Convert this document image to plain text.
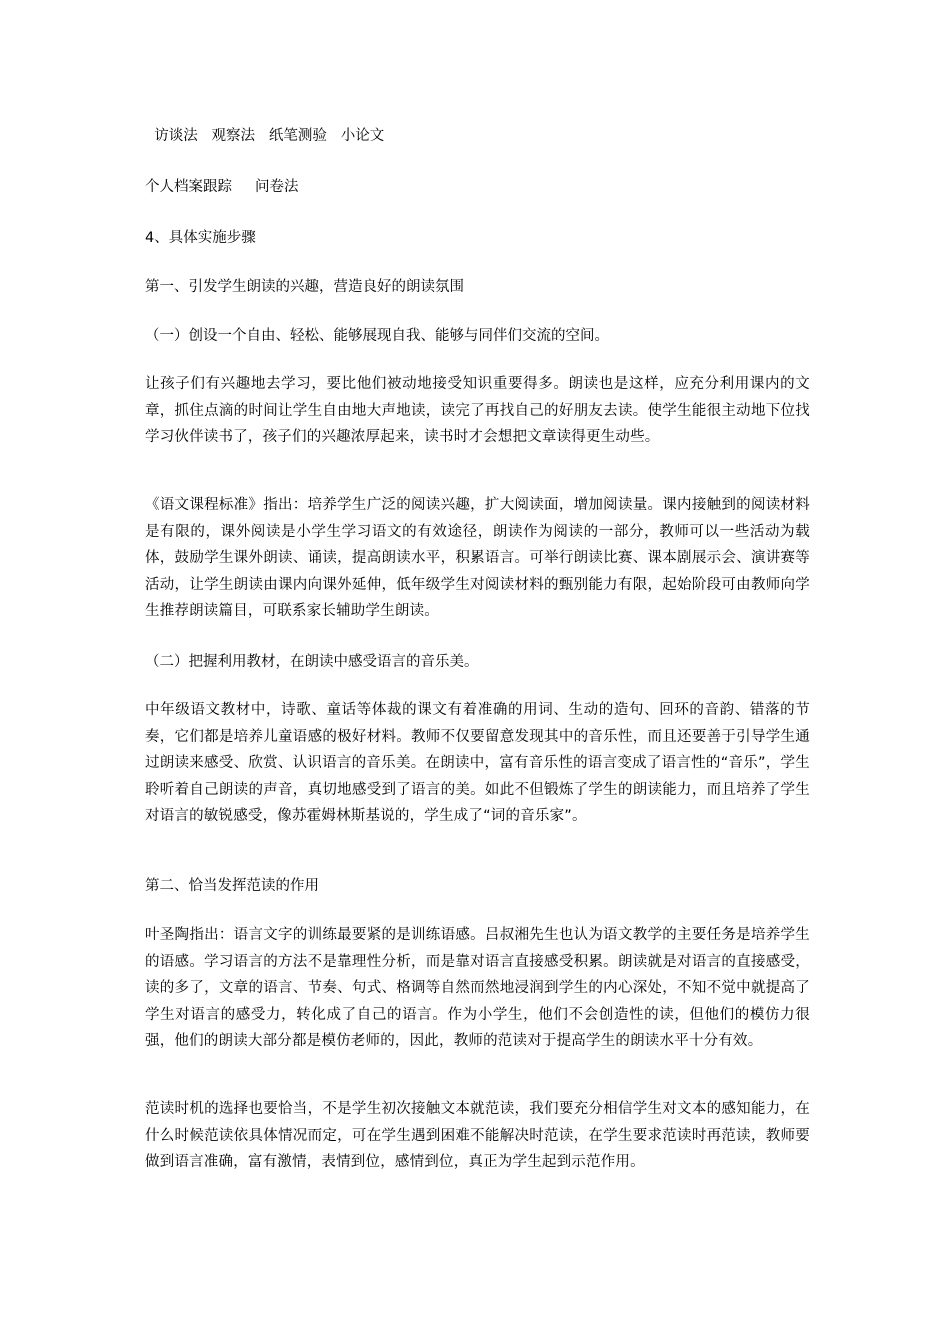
访谈法   观察法   纸笔测验   小论文
个人档案跟踪     问卷法
4、具体实施步骤
第一、引发学生朗读的兴趣，营造良好的朗读氛围
（一）创设一个自由、轻松、能够展现自我、能够与同伴们交流的空间。
让孩子们有兴趣地去学习，要比他们被动地接受知识重要得多。朗读也是这样，应充分利用课内的文章，抓住点滴的时间让学生自由地大声地读，读完了再找自己的好朋友去读。使学生能很主动地下位找学习伙伴读书了，孩子们的兴趣浓厚起来，读书时才会想把文章读得更生动些。
《语文课程标准》指出：培养学生广泛的阅读兴趣，扩大阅读面，增加阅读量。课内接触到的阅读材料是有限的，课外阅读是小学生学习语文的有效途径，朗读作为阅读的一部分，教师可以一些活动为载体，鼓励学生课外朗读、诵读，提高朗读水平，积累语言。可举行朗读比赛、课本剧展示会、演讲赛等活动，让学生朗读由课内向课外延伸，低年级学生对阅读材料的甄别能力有限，起始阶段可由教师向学生推荐朗读篇目，可联系家长辅助学生朗读。
（二）把握利用教材，在朗读中感受语言的音乐美。
中年级语文教材中，诗歌、童话等体裁的课文有着准确的用词、生动的造句、回环的音韵、错落的节奏，它们都是培养儿童语感的极好材料。教师不仅要留意发现其中的音乐性，而且还要善于引导学生通过朗读来感受、欣赏、认识语言的音乐美。在朗读中，富有音乐性的语言变成了语言性的“音乐”，学生聆听着自己朗读的声音，真切地感受到了语言的美。如此不但锻炼了学生的朗读能力，而且培养了学生对语言的敏锐感受，像苏霍姆林斯基说的，学生成了“词的音乐家”。
第二、恰当发挥范读的作用
叶圣陶指出：语言文字的训练最要紧的是训练语感。吕叔湘先生也认为语文教学的主要任务是培养学生的语感。学习语言的方法不是靠理性分析，而是靠对语言直接感受积累。朗读就是对语言的直接感受，读的多了，文章的语言、节奏、句式、格调等自然而然地浸润到学生的内心深处，不知不觉中就提高了学生对语言的感受力，转化成了自己的语言。作为小学生，他们不会创造性的读，但他们的模仿力很强，他们的朗读大部分都是模仿老师的，因此，教师的范读对于提高学生的朗读水平十分有效。
范读时机的选择也要恰当，不是学生初次接触文本就范读，我们要充分相信学生对文本的感知能力，在什么时候范读依具体情况而定，可在学生遇到困难不能解决时范读，在学生要求范读时再范读，教师要做到语言准确，富有激情，表情到位，感情到位，真正为学生起到示范作用。
